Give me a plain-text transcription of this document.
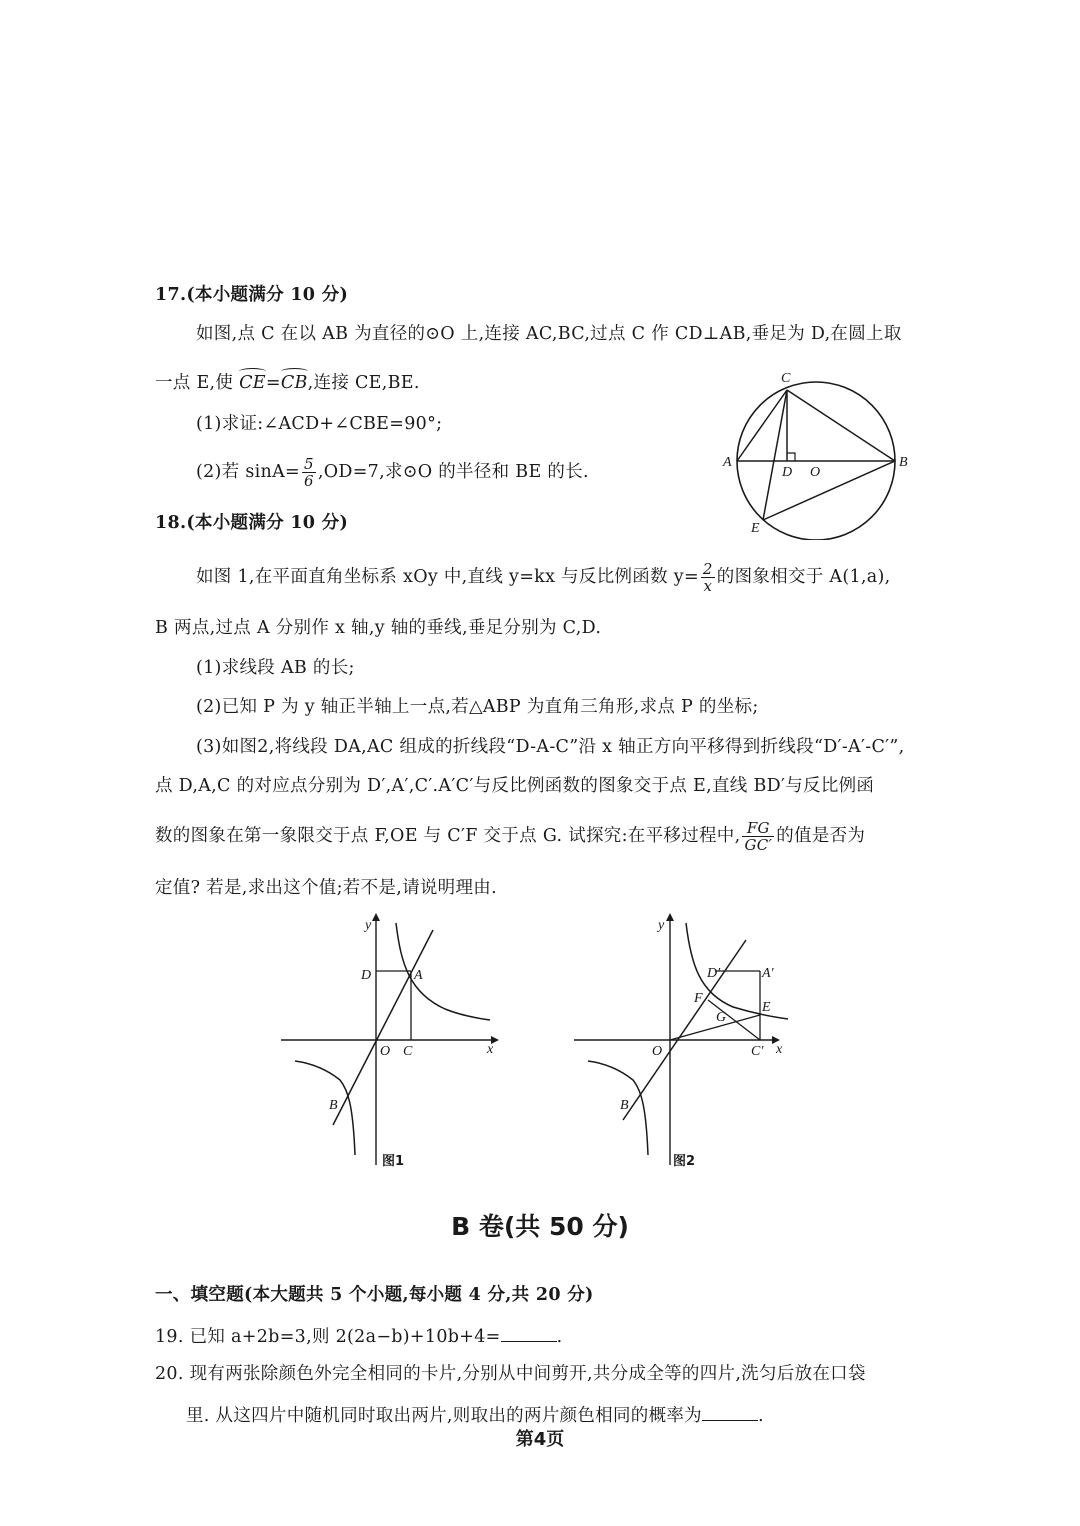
17.(本小题满分 10 分)
如图,点 C 在以 AB 为直径的⊙O 上,连接 AC,BC,过点 C 作 CD⊥AB,垂足为 D,在圆上取
一点 E,使 CE=CB,连接 CE,BE.
(1)求证:∠ACD+∠CBE=90°;
(2)若 $\sin A= \frac{5}{6} ,OD=7$,求⊙O 的半径和 BE 的长.
C
A
D O
B
E
18.(本小题满分 10 分)
如图 1,在平面直角坐标系 xOy 中,直线 y=kx 与反比例函数 $y= \frac{2}{x}$ 的图象相交于 A(1,a),
B 两点,过点 A 分别作 x 轴,y 轴的垂线,垂足分别为 C,D.
(1)求线段 AB 的长;
(2)已知 P 为 y 轴正半轴上一点,若△ABP 为直角三角形,求点 P 的坐标;
(3)如图2,将线段 DA,AC 组成的折线段“D-A-C”沿 x 轴正方向平移得到折线段“D′-A′-C′”,
点 D,A,C 的对应点分别为 D′,A′,C′.A′C′与反比例函数的图象交于点 E,直线 BD′与反比例函
数的图象在第一象限交于点 F,OE 与 C′F 交于点 G. 试探究:在平移过程中, $\frac{FG}{GC'}$ 的值是否为
定值? 若是,求出这个值;若不是,请说明理由.
y
D	A
O C	x
B
图1
y
D′	A′
F
G
E
O	C′ x
B
图2
B 卷(共 50 分)
一、填空题(本大题共 5 个小题,每小题 4 分,共 20 分)
19. 已知 a+2b=3,则 2(2a−b)+10b+4=	.
20. 现有两张除颜色外完全相同的卡片,分别从中间剪开,共分成全等的四片,洗匀后放在口袋
里. 从这四片中随机同时取出两片,则取出的两片颜色相同的概率为	.
第4页
